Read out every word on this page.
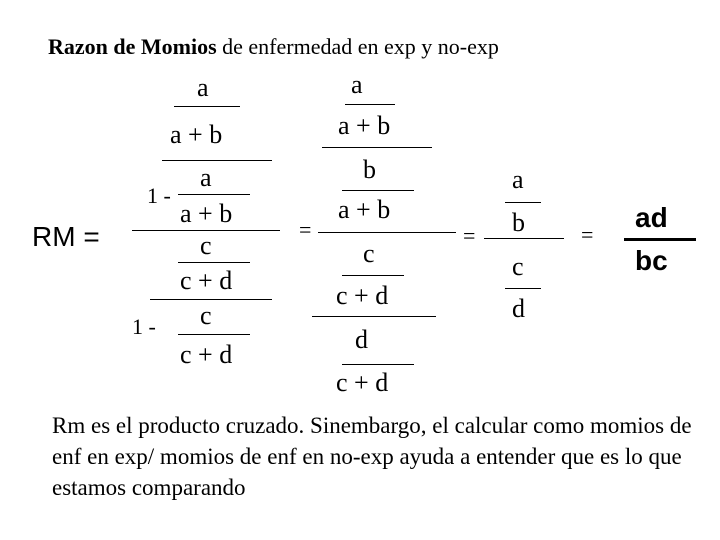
Razon de Momios de enfermedad en exp y no-exp
RM =
a
a + b
1 -
a
a + b
c
c + d
1 - c
c + d
=
a
a + b
b
a + b
c
c + d
d
c + d
=
a
b
c
d
=
ad
bc
Rm es el producto cruzado. Sinembargo, el calcular como momios de enf en exp/ momios de enf en no-exp ayuda a entender que es lo que estamos comparando
